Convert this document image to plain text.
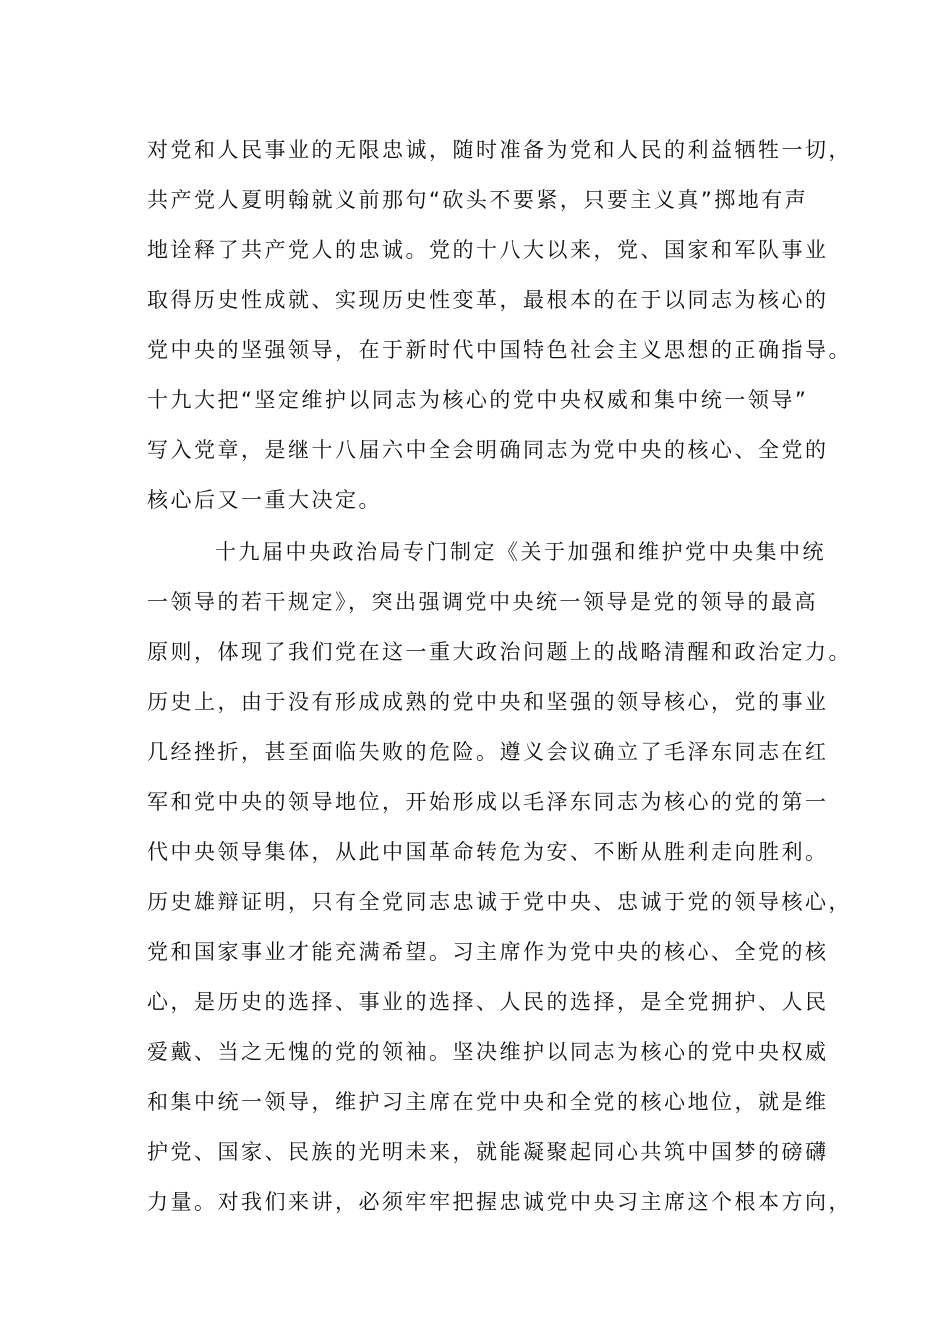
对党和人民事业的无限忠诚，随时准备为党和人民的利益牺牲一切，
共产党人夏明翰就义前那句“砍头不要紧，只要主义真”掷地有声
地诠释了共产党人的忠诚。党的十八大以来，党、国家和军队事业
取得历史性成就、实现历史性变革，最根本的在于以同志为核心的
党中央的坚强领导，在于新时代中国特色社会主义思想的正确指导。
十九大把“坚定维护以同志为核心的党中央权威和集中统一领导”
写入党章，是继十八届六中全会明确同志为党中央的核心、全党的
核心后又一重大决定。
十九届中央政治局专门制定《关于加强和维护党中央集中统
一领导的若干规定》，突出强调党中央统一领导是党的领导的最高
原则，体现了我们党在这一重大政治问题上的战略清醒和政治定力。
历史上，由于没有形成成熟的党中央和坚强的领导核心，党的事业
几经挫折，甚至面临失败的危险。遵义会议确立了毛泽东同志在红
军和党中央的领导地位，开始形成以毛泽东同志为核心的党的第一
代中央领导集体，从此中国革命转危为安、不断从胜利走向胜利。
历史雄辩证明，只有全党同志忠诚于党中央、忠诚于党的领导核心，
党和国家事业才能充满希望。习主席作为党中央的核心、全党的核
心，是历史的选择、事业的选择、人民的选择，是全党拥护、人民
爱戴、当之无愧的党的领袖。坚决维护以同志为核心的党中央权威
和集中统一领导，维护习主席在党中央和全党的核心地位，就是维
护党、国家、民族的光明未来，就能凝聚起同心共筑中国梦的磅礴
力量。对我们来讲，必须牢牢把握忠诚党中央习主席这个根本方向，
